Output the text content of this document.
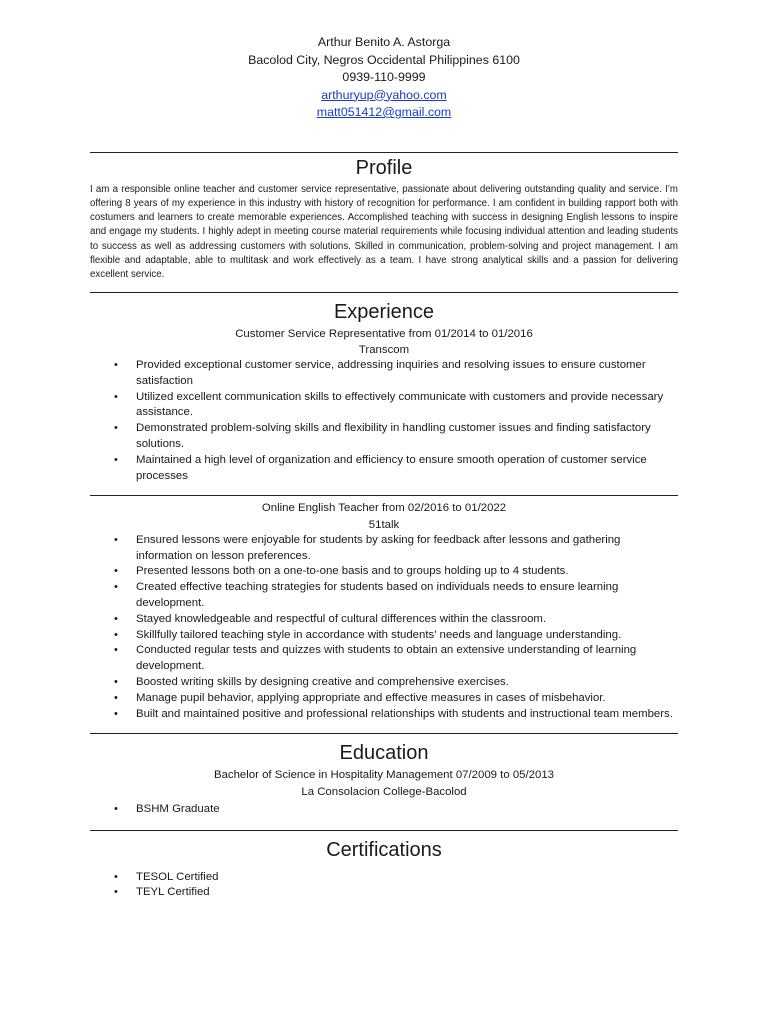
Arthur Benito A. Astorga
Bacolod City, Negros Occidental Philippines 6100
0939-110-9999
arthuryup@yahoo.com
matt051412@gmail.com
Profile
I am a responsible online teacher and customer service representative, passionate about delivering outstanding quality and service. I’m offering 8 years of my experience in this industry with history of recognition for performance. I am confident in building rapport both with costumers and learners to create memorable experiences. Accomplished teaching with success in designing English lessons to inspire and engage my students. I highly adept in meeting course material requirements while focusing individual attention and leading students to success as well as addressing customers with solutions. Skilled in communication, problem-solving and project management. I am flexible and adaptable, able to multitask and work effectively as a team. I have strong analytical skills and a passion for delivering excellent service.
Experience
Customer Service Representative from 01/2014 to 01/2016
Transcom
• Provided exceptional customer service, addressing inquiries and resolving issues to ensure customer satisfaction
• Utilized excellent communication skills to effectively communicate with customers and provide necessary assistance.
• Demonstrated problem-solving skills and flexibility in handling customer issues and finding satisfactory solutions.
• Maintained a high level of organization and efficiency to ensure smooth operation of customer service processes
Online English Teacher from 02/2016 to 01/2022
51talk
• Ensured lessons were enjoyable for students by asking for feedback after lessons and gathering information on lesson preferences.
• Presented lessons both on a one-to-one basis and to groups holding up to 4 students.
• Created effective teaching strategies for students based on individuals needs to ensure learning development.
• Stayed knowledgeable and respectful of cultural differences within the classroom.
• Skillfully tailored teaching style in accordance with students’ needs and language understanding.
• Conducted regular tests and quizzes with students to obtain an extensive understanding of learning development.
• Boosted writing skills by designing creative and comprehensive exercises.
• Manage pupil behavior, applying appropriate and effective measures in cases of misbehavior.
• Built and maintained positive and professional relationships with students and instructional team members.
Education
Bachelor of Science in Hospitality Management 07/2009 to 05/2013
La Consolacion College-Bacolod
• BSHM Graduate
Certifications
• TESOL Certified
• TEYL Certified
